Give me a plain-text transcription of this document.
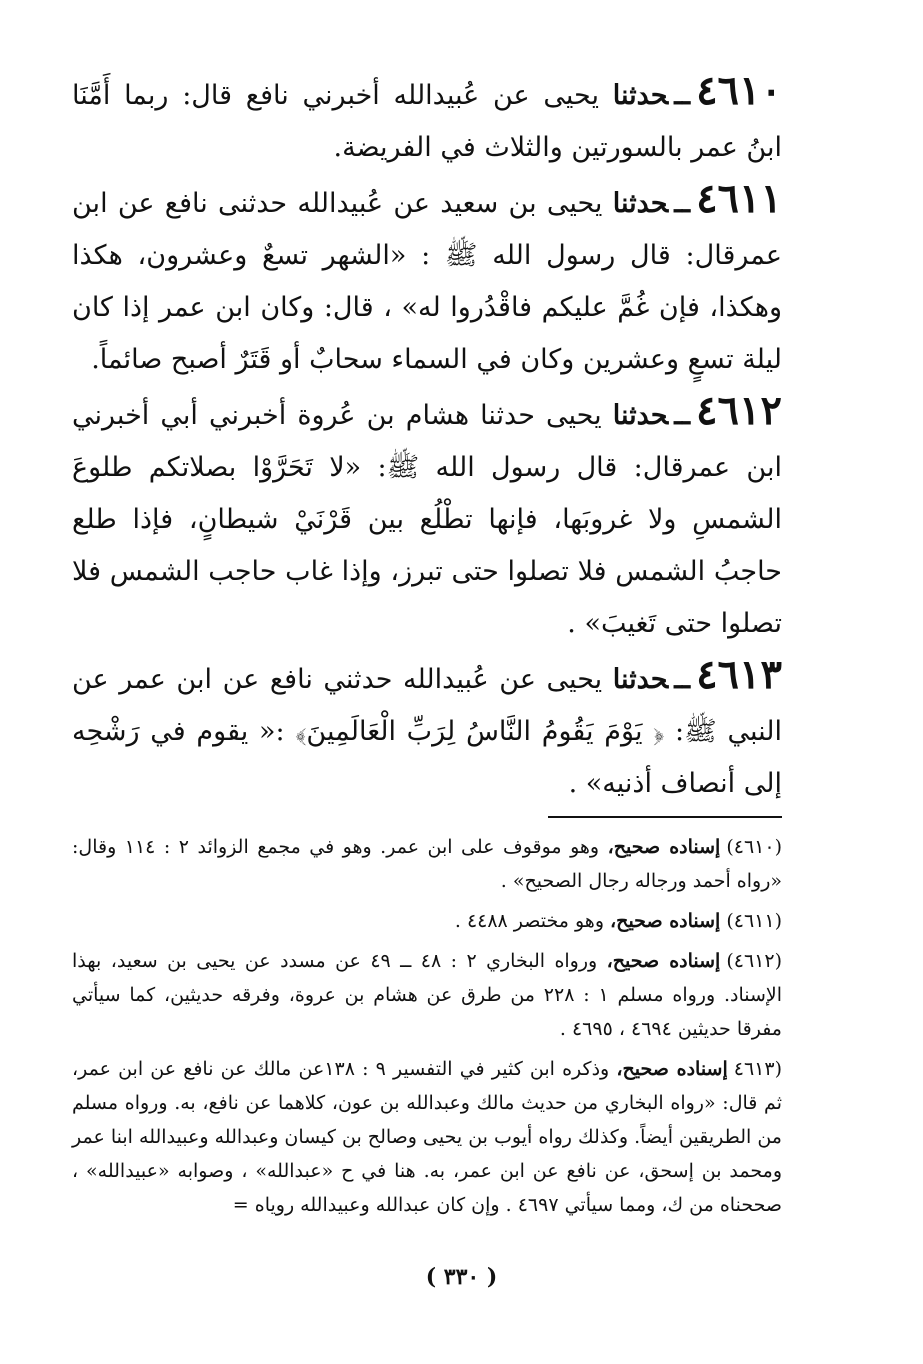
٤٦١٠ــحدثنا يحيى عن عُبيدالله أخبرني نافع قال: ربما أَمَّنَا ابنُ عمر بالسورتين والثلاث في الفريضة.

٤٦١١ــحدثنا يحيى بن سعيد عن عُبيدالله حدثنى نافع عن ابن عمرقال: قال رسول الله ﷺ : «الشهر تسعٌ وعشرون، هكذا وهكذا، فإن غُمَّ عليكم فاقْدُروا له» ، قال: وكان ابن عمر إذا كان ليلة تسعٍ وعشرين وكان في السماء سحابٌ أو قَتَرٌ أصبح صائماً.

٤٦١٢ــحدثنا يحيى حدثنا هشام بن عُروة أخبرني أبي أخبرني ابن عمرقال: قال رسول الله ﷺ: «لا تَحَرَّوْا بصلاتكم طلوعَ الشمسِ ولا غروبَها، فإنها تطْلُع بين قَرْنَيْ شيطانٍ، فإذا طلع حاجبُ الشمس فلا تصلوا حتى تبرز، وإذا غاب حاجب الشمس فلا تصلوا حتى تَغيبَ» .

٤٦١٣ــحدثنا يحيى عن عُبيدالله حدثني نافع عن ابن عمر عن النبي ﷺ: ﴿ يَوْمَ يَقُومُ النَّاسُ لِرَبِّ الْعَالَمِينَ﴾ :« يقوم في رَشْحِه إلى أنصاف أذنيه» .

(٤٦١٠)إسناده صحيح، وهو موقوف على ابن عمر. وهو في مجمع الزوائد ٢ : ١١٤ وقال: «رواه أحمد ورجاله رجال الصحيح» .

(٤٦١١)إسناده صحيح، وهو مختصر ٤٤٨٨ .

(٤٦١٢)إسناده صحيح، ورواه البخاري ٢ : ٤٨ ــ ٤٩ عن مسدد عن يحيى بن سعيد، بهذا الإسناد. ورواه مسلم ١ : ٢٢٨ من طرق عن هشام بن عروة، وفرقه حديثين، كما سيأتي مفرقا حديثين ٤٦٩٤ ، ٤٦٩٥ .

(٤٦١٣إسناده صحيح، وذكره ابن كثير في التفسير ٩ : ١٣٨عن مالك عن نافع عن ابن عمر، ثم قال: «رواه البخاري من حديث مالك وعبدالله بن عون، كلاهما عن نافع، به. ورواه مسلم من الطريقين أيضاً. وكذلك رواه أيوب بن يحيى وصالح بن كيسان وعبدالله وعبيدالله ابنا عمر ومحمد بن إسحق، عن نافع عن ابن عمر، به. هنا في ح «عبدالله» ، وصوابه «عبيدالله» ، صححناه من ك، ومما سيأتي ٤٦٩٧ . وإن كان عبدالله وعبيدالله روياه =

( ٣٣٠ )
